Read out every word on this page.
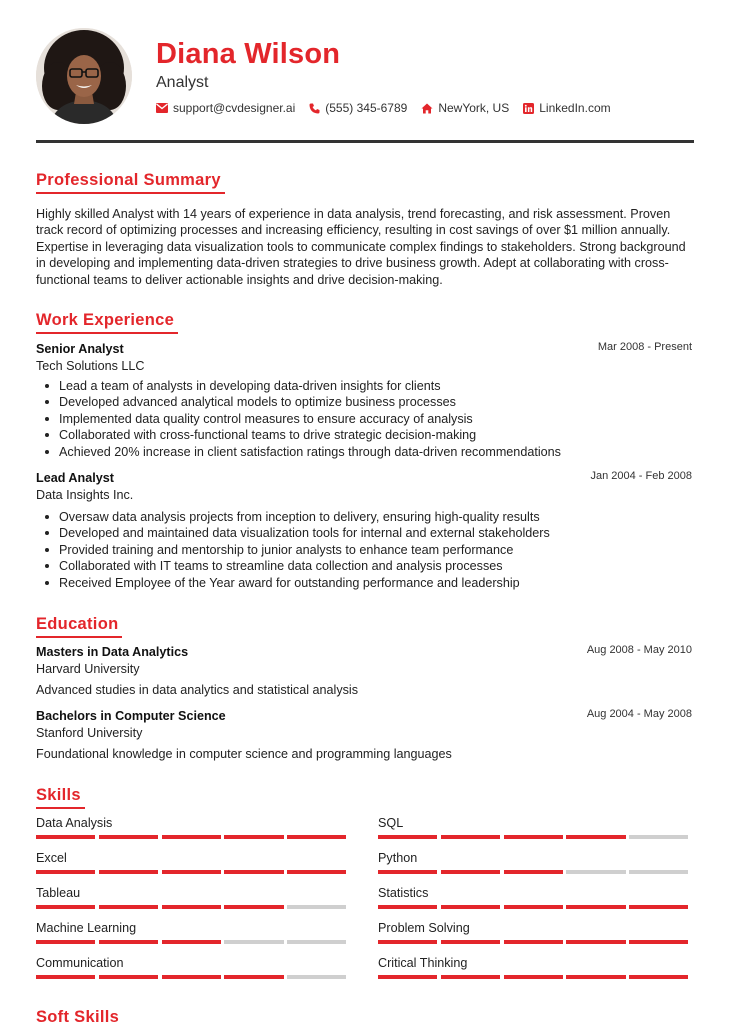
Diana Wilson
Analyst
support@cvdesigner.ai	(555) 345-6789	NewYork, US	LinkedIn.com
Professional Summary
Highly skilled Analyst with 14 years of experience in data analysis, trend forecasting, and risk assessment. Proven track record of optimizing processes and increasing efficiency, resulting in cost savings of over $1 million annually. Expertise in leveraging data visualization tools to communicate complex findings to stakeholders. Strong background in developing and implementing data-driven strategies to drive business growth. Adept at collaborating with cross-functional teams to deliver actionable insights and drive decision-making.
Work Experience
Senior Analyst
Tech Solutions LLC
Mar 2008 - Present
Lead a team of analysts in developing data-driven insights for clients
Developed advanced analytical models to optimize business processes
Implemented data quality control measures to ensure accuracy of analysis
Collaborated with cross-functional teams to drive strategic decision-making
Achieved 20% increase in client satisfaction ratings through data-driven recommendations
Lead Analyst
Data Insights Inc.
Jan 2004 - Feb 2008
Oversaw data analysis projects from inception to delivery, ensuring high-quality results
Developed and maintained data visualization tools for internal and external stakeholders
Provided training and mentorship to junior analysts to enhance team performance
Collaborated with IT teams to streamline data collection and analysis processes
Received Employee of the Year award for outstanding performance and leadership
Education
Masters in Data Analytics
Harvard University
Aug 2008 - May 2010
Advanced studies in data analytics and statistical analysis
Bachelors in Computer Science
Stanford University
Aug 2004 - May 2008
Foundational knowledge in computer science and programming languages
Skills
Data Analysis	SQL
Excel	Python
Tableau	Statistics
Machine Learning	Problem Solving
Communication	Critical Thinking
Soft Skills
